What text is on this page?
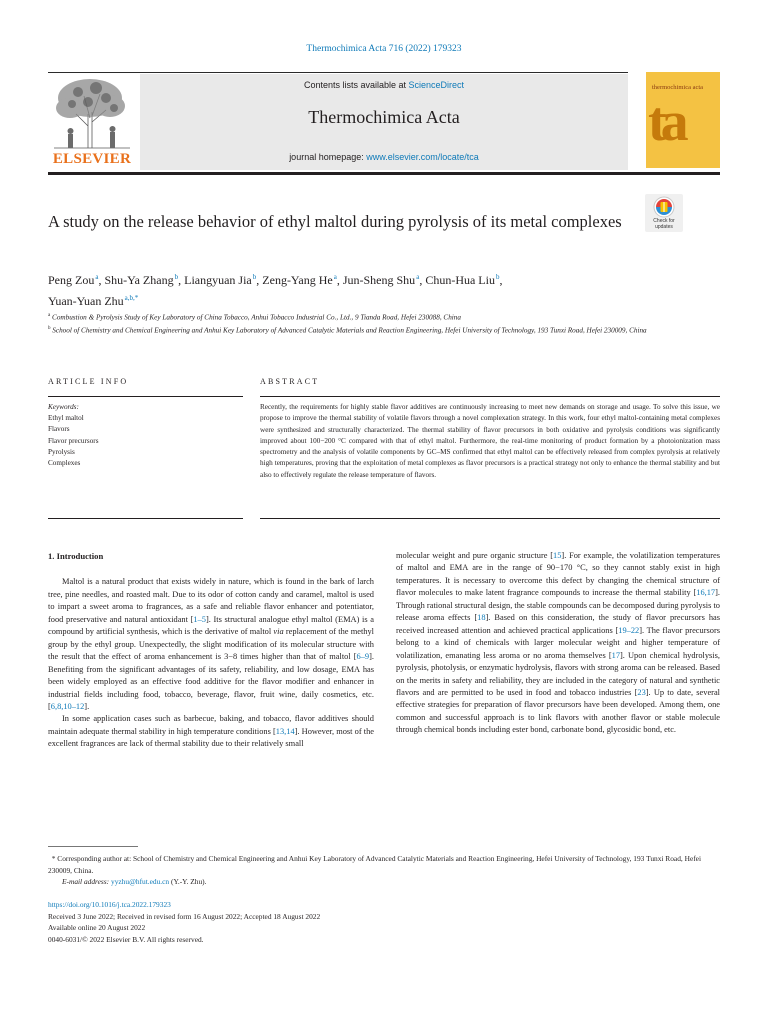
Thermochimica Acta 716 (2022) 179323
ELSEVIER
Contents lists available at ScienceDirect
Thermochimica Acta
journal homepage: www.elsevier.com/locate/tca
thermochimica acta
ta
A study on the release behavior of ethyl maltol during pyrolysis of its metal complexes	Check for updates
Peng Zou $^a$, Shu-Ya Zhang $^b$, Liangyuan Jia $^b$, Zeng-Yang He $^a$, Jun-Sheng Shu $^a$, Chun-Hua Liu $^b$,
Yuan-Yuan Zhu $^{a,b,*}$
$^a$ Combustion & Pyrolysis Study of Key Laboratory of China Tobacco, Anhui Tobacco Industrial Co., Ltd., 9 Tianda Road, Hefei 230088, China
$^b$ School of Chemistry and Chemical Engineering and Anhui Key Laboratory of Advanced Catalytic Materials and Reaction Engineering, Hefei University of Technology, 193 Tunxi Road, Hefei 230009, China
ARTICLE INFO	ABSTRACT
Keywords:
Ethyl maltol
Flavors
Flavor precursors
Pyrolysis
Complexes
Recently, the requirements for highly stable flavor additives are continuously increasing to meet new demands on storage and usage. To solve this issue, we propose to improve the thermal stability of volatile flavors through a novel complexation strategy. In this work, four ethyl maltol-containing metal complexes were synthesized and structurally characterized. The thermal stability of flavor precursors in both oxidative and pyrolysis conditions was significantly improved about 100−200 °C compared with that of ethyl maltol. Furthermore, the real-time monitoring of product formation by a photoionization mass spectrometry and the analysis of volatile components by GC–MS confirmed that ethyl maltol can be effectively released from complex pyrolysis at relatively high temperatures, proving that the exploitation of metal complexes as flavor precursors is a practical strategy not only to enhance the thermal stability and but also to effectively regulate the release temperature of flavors.
1. Introduction

Maltol is a natural product that exists widely in nature, which is found in the bark of larch tree, pine needles, and roasted malt. Due to its odor of cotton candy and caramel, maltol is used to impart a sweet aroma to fragrances, as a safe and reliable flavor enhancer and potentiator, food preservative and natural antioxidant [1–5]. Its structural analogue ethyl maltol (EMA) is a compound by artificial synthesis, which is the derivative of maltol via replacement of the methyl group by the ethyl group. Unexpectedly, the slight modification of its molecular structure with the result that the effect of aroma enhancement is 3−8 times higher than that of maltol [6–9]. Benefiting from the significant advantages of its safety, reliability, and low dosage, EMA has been widely employed as an effective food additive for the flavor modifier and enhancer in industrial fields including food, tobacco, beverage, flavor, fruit wine, daily cosmetics, etc. [6,8,10–12].

In some application cases such as barbecue, baking, and tobacco, flavor additives should maintain adequate thermal stability in high temperature conditions [13,14]. However, most of the excellent fragrances are lack of thermal stability due to their relatively small

molecular weight and pure organic structure [15]. For example, the volatilization temperatures of maltol and EMA are in the range of 90−170 °C, so they cannot stably exist in high temperatures. It is necessary to overcome this defect by changing the chemical structure of flavor molecules to make latent fragrance compounds to increase the thermal stability [16,17]. Through rational structural design, the stable compounds can be decomposed during pyrolysis to release aroma effects [18]. Based on this consideration, the study of flavor precursors has received increased attention and achieved practical applications [19–22]. The flavor precursors belong to a kind of chemicals with larger molecular weight and higher temperature of volatilization, emanating less aroma or no aroma themselves [17]. Upon chemical hydrolysis, pyrolysis, photolysis, or enzymatic hydrolysis, flavors with strong aroma can be released. Based on the merits in safety and reliability, they are included in the category of natural and synthetic flavors and are permitted to be used in food and tobacco industries [23]. Up to date, several effective strategies for preparation of flavor precursors have been developed. Among them, one common and successful approach is to link flavors with another flavor or stable molecule through chemical bonds including ester bond, carbonate bond, glycosidic bond, etc.

* Corresponding author at: School of Chemistry and Chemical Engineering and Anhui Key Laboratory of Advanced Catalytic Materials and Reaction Engineering, Hefei University of Technology, 193 Tunxi Road, Hefei 230009, China.
E-mail address: yyzhu@hfut.edu.cn (Y.-Y. Zhu).
https://doi.org/10.1016/j.tca.2022.179323
Received 3 June 2022; Received in revised form 16 August 2022; Accepted 18 August 2022
Available online 20 August 2022
0040-6031/© 2022 Elsevier B.V. All rights reserved.
